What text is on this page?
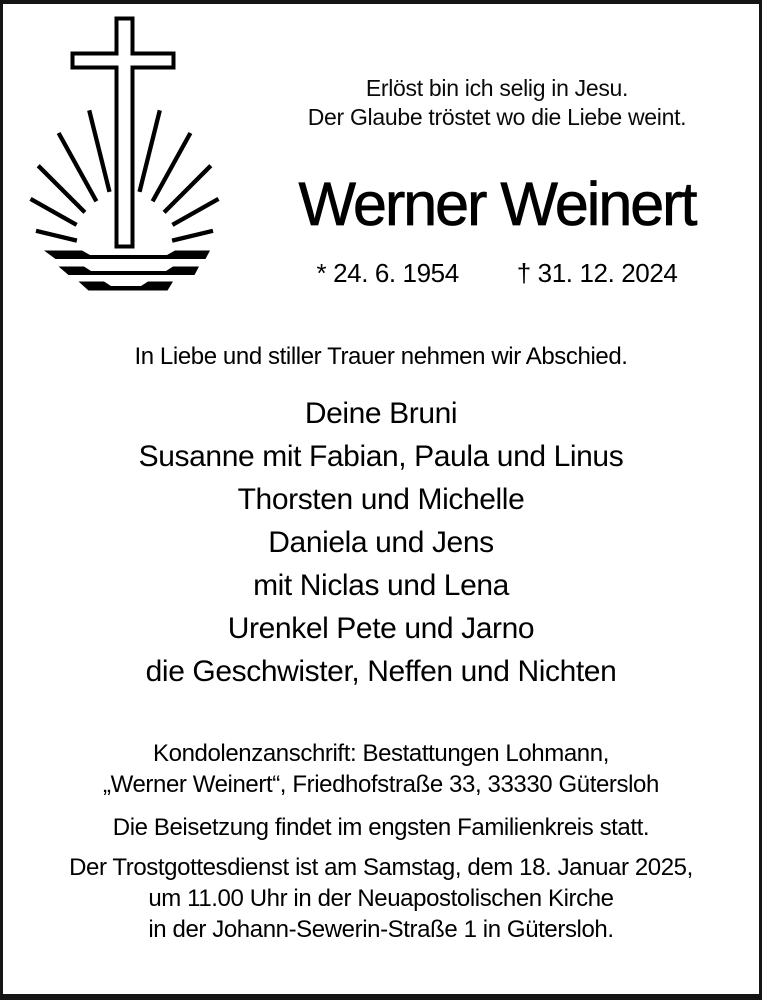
Erlöst bin ich selig in Jesu.
Der Glaube tröstet wo die Liebe weint.
Werner Weinert
* 24. 6. 1954 † 31. 12. 2024
In Liebe und stiller Trauer nehmen wir Abschied.
Deine Bruni
Susanne mit Fabian, Paula und Linus
Thorsten und Michelle
Daniela und Jens
mit Niclas und Lena
Urenkel Pete und Jarno
die Geschwister, Neffen und Nichten
Kondolenzanschrift: Bestattungen Lohmann,
„Werner Weinert“, Friedhofstraße 33, 33330 Gütersloh
Die Beisetzung findet im engsten Familienkreis statt.
Der Trostgottesdienst ist am Samstag, dem 18. Januar 2025,
um 11.00 Uhr in der Neuapostolischen Kirche
in der Johann-Sewerin-Straße 1 in Gütersloh.
